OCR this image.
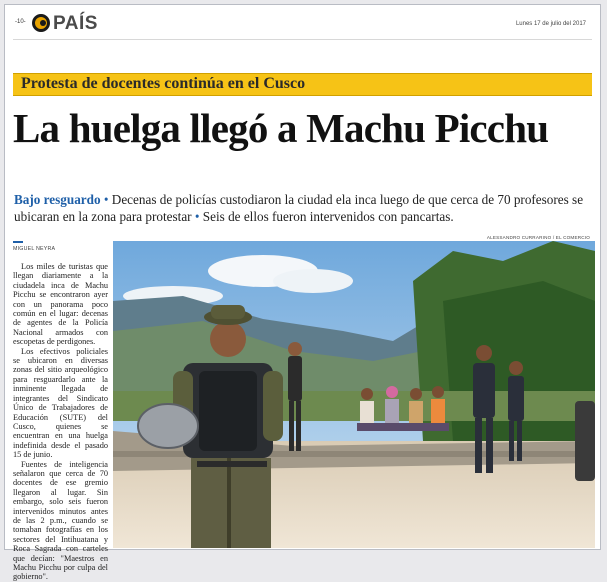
-10- PAÍS	Lunes 17 de julio del 2017
Protesta de docentes continúa en el Cusco
La huelga llegó a Machu Picchu
Bajo resguardo • Decenas de policías custodiaron la ciudad ela inca luego de que cerca de 70 profesores se ubicaran en la zona para protestar • Seis de ellos fueron intervenidos con pancartas.
MIGUEL NEYRA

Los miles de turistas que llegan diariamente a la ciudadela inca de Machu Picchu se encontraron ayer con un panorama poco común en el lugar: decenas de agentes de la Policía Nacional armados con escopetas de perdigones.

Los efectivos policiales se ubicaron en diversas zonas del sitio arqueológico para resguardarlo ante la inminente llegada de integrantes del Sindicato Único de Trabajadores de Educación (SUTE) del Cusco, quienes se encuentran en una huelga indefinida desde el pasado 15 de junio.

Fuentes de inteligencia señalaron que cerca de 70 docentes de ese gremio llegaron al lugar. Sin embargo, solo seis fueron intervenidos minutos antes de las 2 p.m., cuando se tomaban fotografías en los sectores del Intihuatana y Roca Sagrada con carteles que decían: "Maestros en Machu Picchu por culpa del gobierno".

ALESSANDRO CURRARINO / EL COMERCIO
